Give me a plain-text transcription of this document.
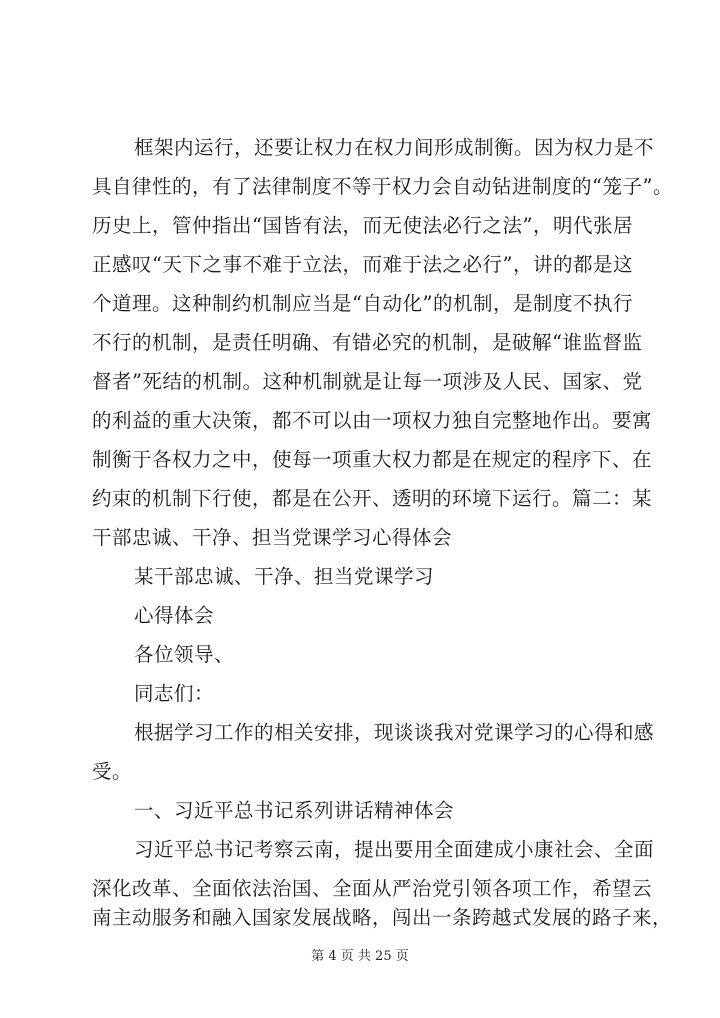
框架内运行，还要让权力在权力间形成制衡。因为权力是不
具自律性的，有了法律制度不等于权力会自动钻进制度的“笼子”。
历史上，管仲指出“国皆有法，而无使法必行之法”，明代张居
正感叹“天下之事不难于立法，而难于法之必行”，讲的都是这
个道理。这种制约机制应当是“自动化”的机制，是制度不执行
不行的机制，是责任明确、有错必究的机制，是破解“谁监督监
督者”死结的机制。这种机制就是让每一项涉及人民、国家、党
的利益的重大决策，都不可以由一项权力独自完整地作出。要寓
制衡于各权力之中，使每一项重大权力都是在规定的程序下、在
约束的机制下行使，都是在公开、透明的环境下运行。篇二：某
干部忠诚、干净、担当党课学习心得体会
某干部忠诚、干净、担当党课学习
心得体会
各位领导、
同志们：
根据学习工作的相关安排，现谈谈我对党课学习的心得和感
受。
一、习近平总书记系列讲话精神体会
习近平总书记考察云南，提出要用全面建成小康社会、全面
深化改革、全面依法治国、全面从严治党引领各项工作，希望云
南主动服务和融入国家发展战略，闯出一条跨越式发展的路子来，
第 4 页 共 25 页
